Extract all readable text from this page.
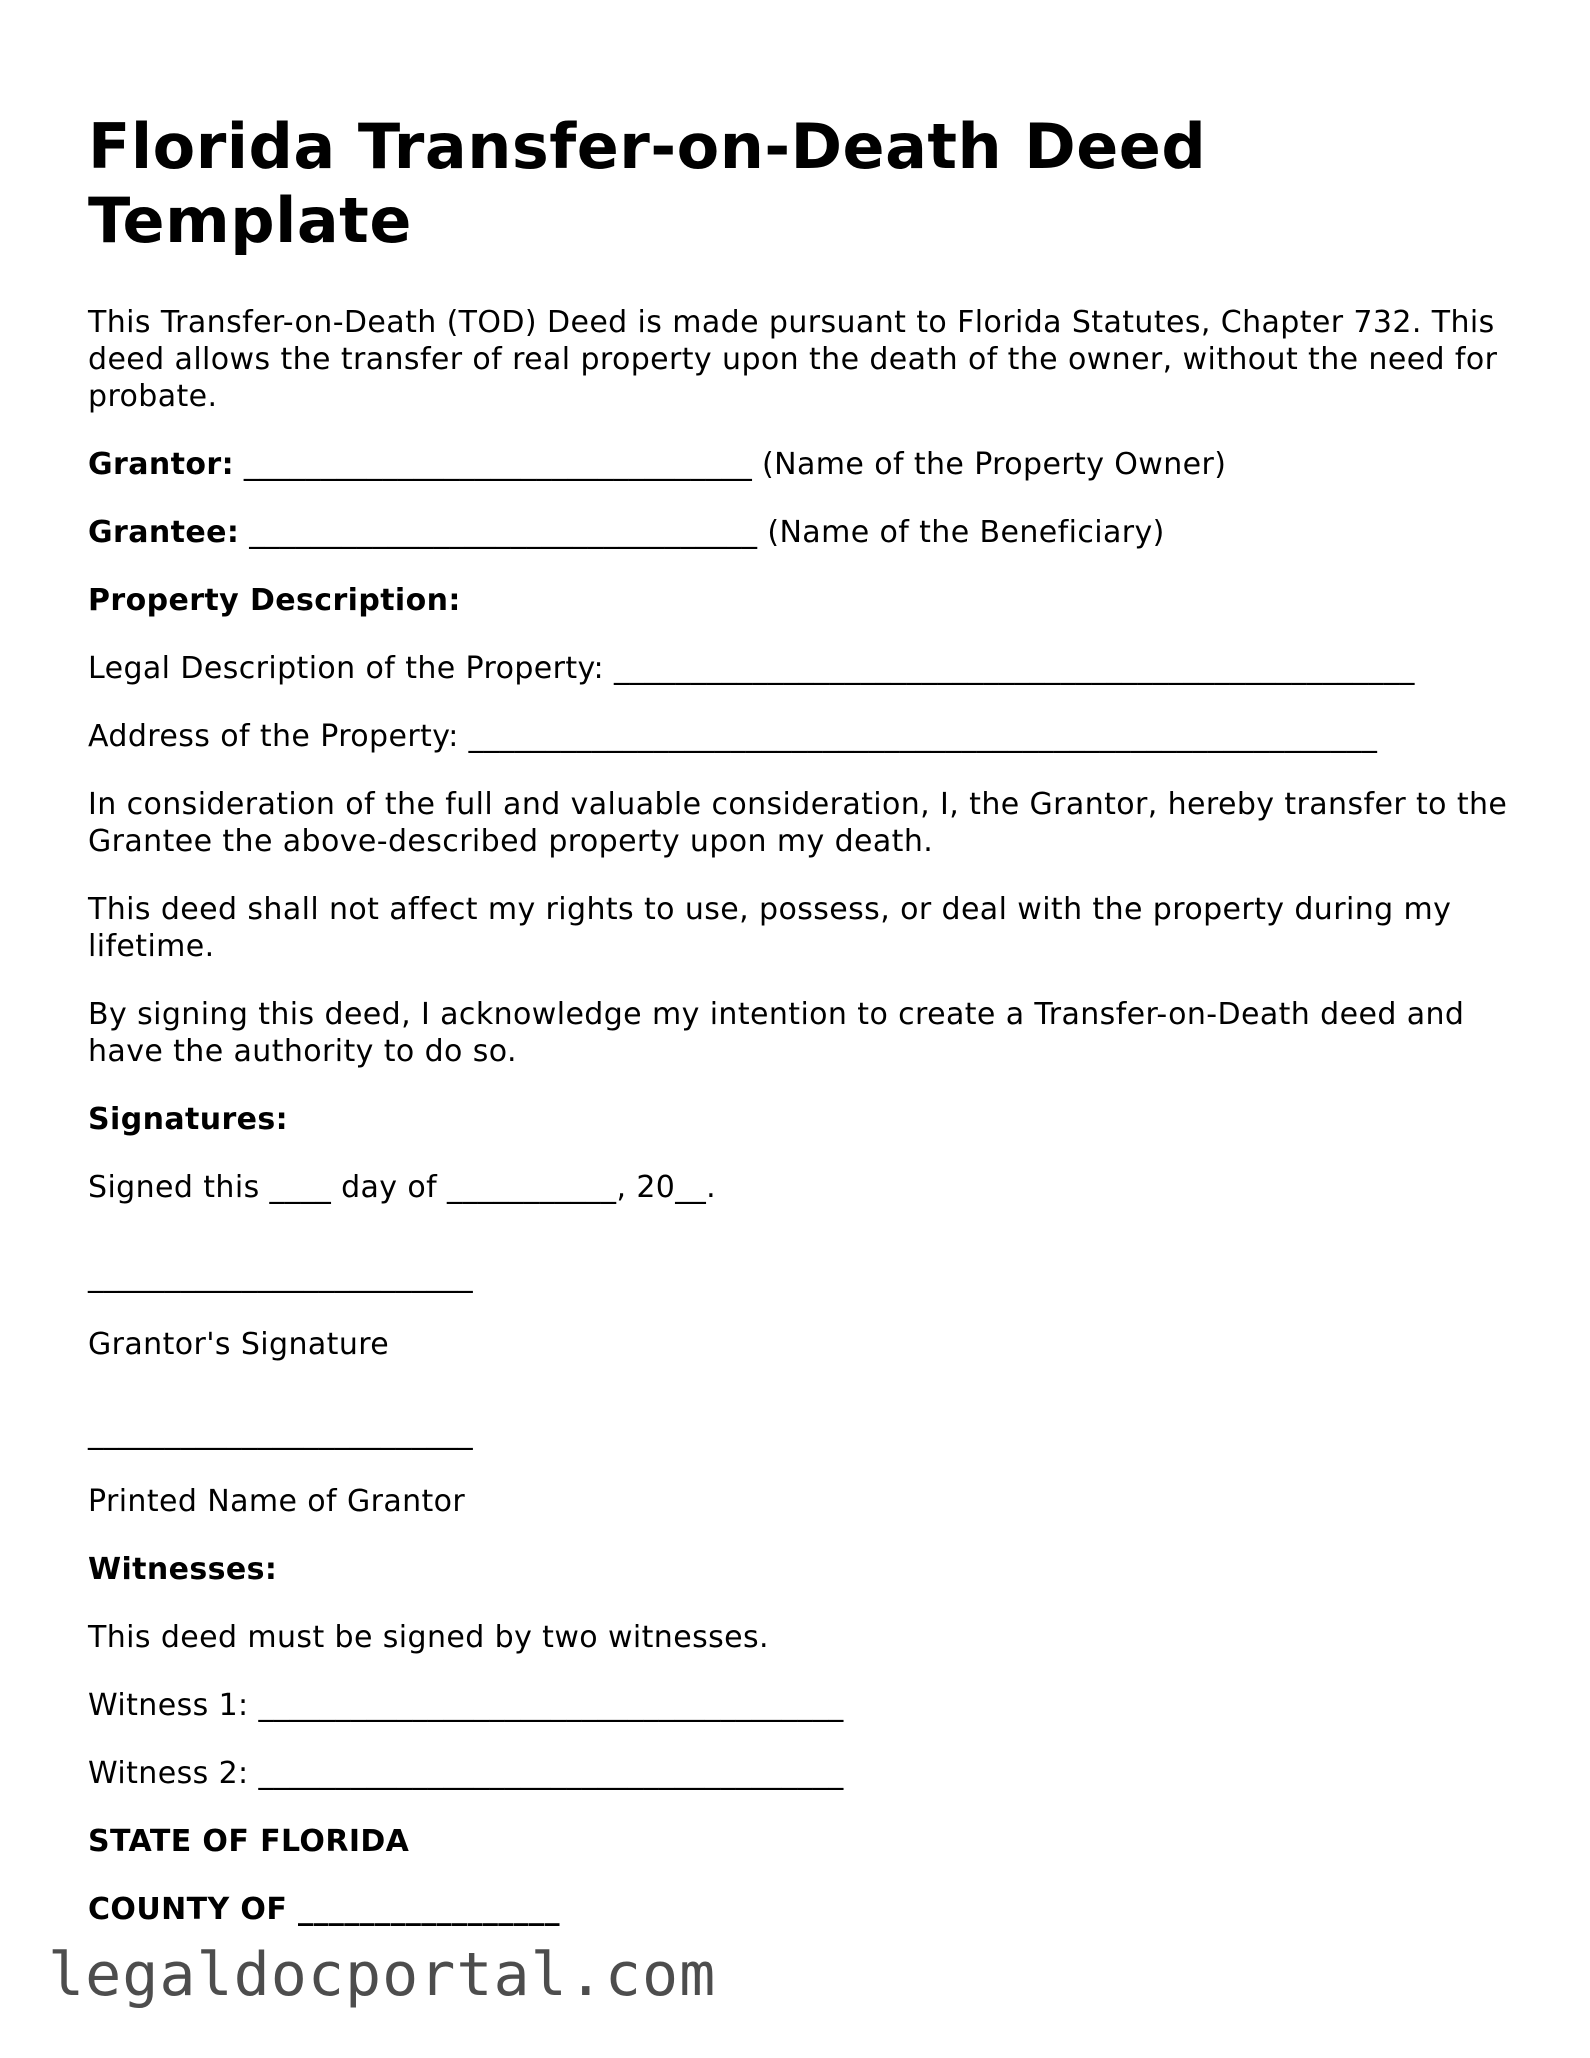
Florida Transfer-on-Death Deed Template

This Transfer-on-Death (TOD) Deed is made pursuant to Florida Statutes, Chapter 732. This deed allows the transfer of real property upon the death of the owner, without the need for probate.

Grantor: _________________________________ (Name of the Property Owner)

Grantee: _________________________________ (Name of the Beneficiary)

Property Description:

Legal Description of the Property: ____________________________________________________

Address of the Property: ___________________________________________________________

In consideration of the full and valuable consideration, I, the Grantor, hereby transfer to the Grantee the above-described property upon my death.

This deed shall not affect my rights to use, possess, or deal with the property during my lifetime.

By signing this deed, I acknowledge my intention to create a Transfer-on-Death deed and have the authority to do so.

Signatures:

Signed this ____ day of ___________, 20__.

_________________________

Grantor's Signature

_________________________

Printed Name of Grantor

Witnesses:

This deed must be signed by two witnesses.

Witness 1: ______________________________________

Witness 2: ______________________________________

STATE OF FLORIDA

COUNTY OF _________________

legaldocportal.com
